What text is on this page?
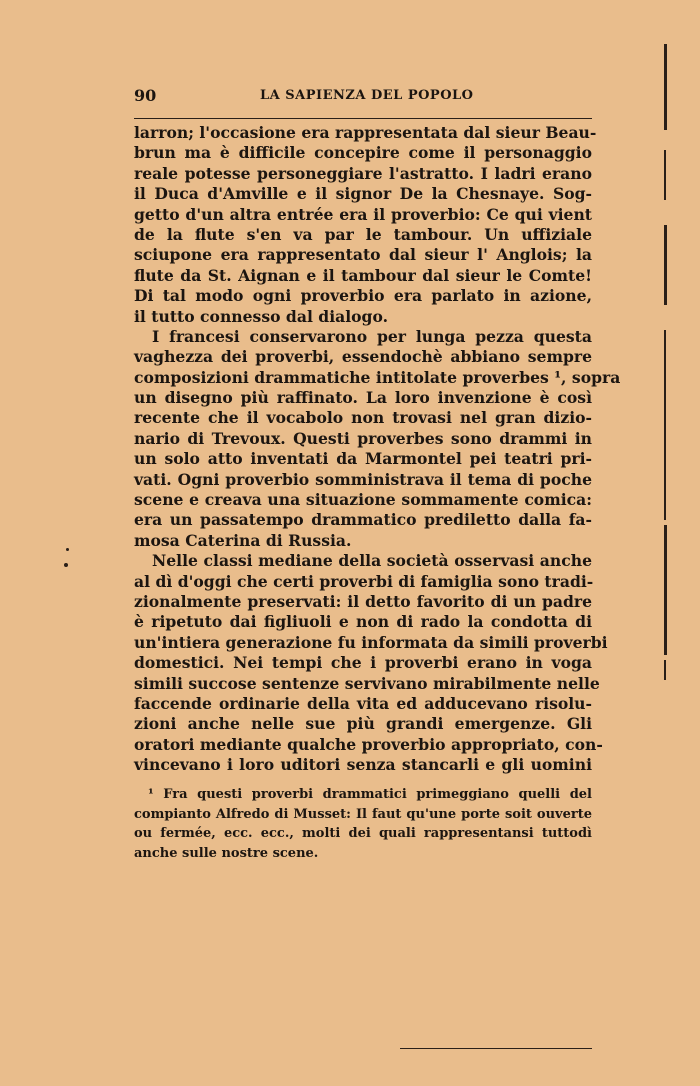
90	LA SAPIENZA DEL POPOLO
larron; l'occasione era rappresentata dal sieur Beau-
brun ma è difficile concepire come il personaggio
reale potesse personeggiare l'astratto. I ladri erano
il Duca d'Amville e il signor De la Chesnaye. Sog-
getto d'un altra entrée era il proverbio: Ce qui vient
de la flute s'en va par le tambour. Un uffiziale
sciupone era rappresentato dal sieur l' Anglois; la
flute da St. Aignan e il tambour dal sieur le Comte!
Di tal modo ogni proverbio era parlato in azione,
il tutto connesso dal dialogo.
I francesi conservarono per lunga pezza questa
vaghezza dei proverbi, essendochè abbiano sempre
composizioni drammatiche intitolate proverbes ¹, sopra
un disegno più raffinato. La loro invenzione è così
recente che il vocabolo non trovasi nel gran dizio-
nario di Trevoux. Questi proverbes sono drammi in
un solo atto inventati da Marmontel pei teatri pri-
vati. Ogni proverbio somministrava il tema di poche
scene e creava una situazione sommamente comica:
era un passatempo drammatico prediletto dalla fa-
mosa Caterina di Russia.
Nelle classi mediane della società osservasi anche
al dì d'oggi che certi proverbi di famiglia sono tradi-
zionalmente preservati: il detto favorito di un padre
è ripetuto dai figliuoli e non di rado la condotta di
un'intiera generazione fu informata da simili proverbi
domestici. Nei tempi che i proverbi erano in voga
simili succose sentenze servivano mirabilmente nelle
faccende ordinarie della vita ed adducevano risolu-
zioni anche nelle sue più grandi emergenze. Gli
oratori mediante qualche proverbio appropriato, con-
vincevano i loro uditori senza stancarli e gli uomini
¹ Fra questi proverbi drammatici primeggiano quelli del
compianto Alfredo di Musset: Il faut qu'une porte soit ouverte
ou fermée, ecc. ecc., molti dei quali rappresentansi tuttodì
anche sulle nostre scene.
